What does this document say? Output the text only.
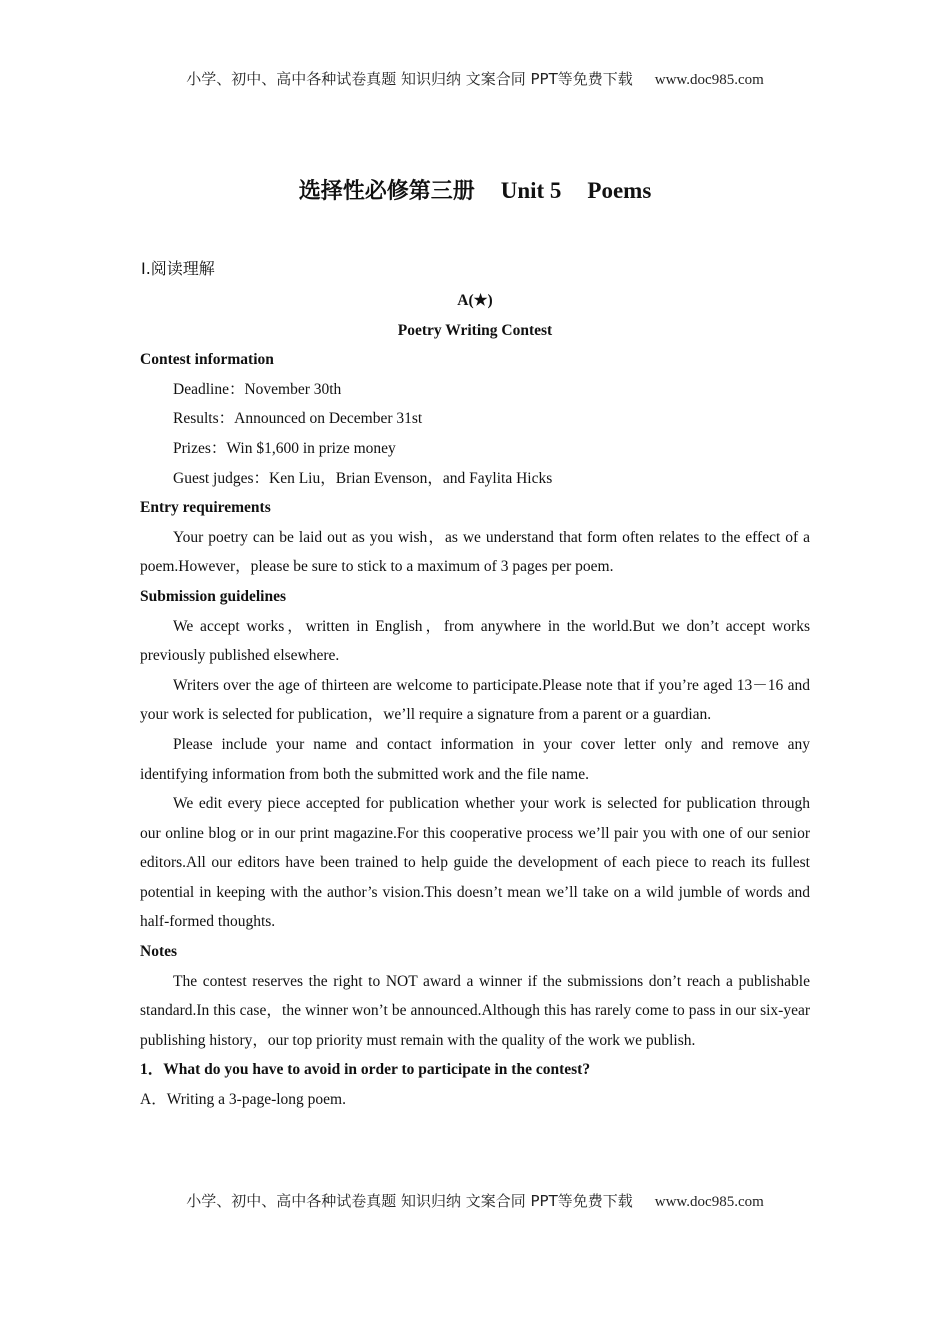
小学、初中、高中各种试卷真题 知识归纳 文案合同 PPT等免费下载 www.doc985.com
选择性必修第三册 Unit 5 Poems
Ⅰ.阅读理解
A(★)
Poetry Writing Contest
Contest information
Deadline：November 30th
Results：Announced on December 31st
Prizes：Win $1,600 in prize money
Guest judges：Ken Liu，Brian Evenson，and Faylita Hicks
Entry requirements
Your poetry can be laid out as you wish，as we understand that form often relates to the effect of a poem.However，please be sure to stick to a maximum of 3 pages per poem.
Submission guidelines
We accept works，written in English，from anywhere in the world.But we don’t accept works previously published elsewhere.
Writers over the age of thirteen are welcome to participate.Please note that if you’re aged 13－16 and your work is selected for publication，we’ll require a signature from a parent or a guardian.
Please include your name and contact information in your cover letter only and remove any identifying information from both the submitted work and the file name.
We edit every piece accepted for publication whether your work is selected for publication through our online blog or in our print magazine.For this cooperative process we’ll pair you with one of our senior editors.All our editors have been trained to help guide the development of each piece to reach its fullest potential in keeping with the author’s vision.This doesn’t mean we’ll take on a wild jumble of words and half-formed thoughts.
Notes
The contest reserves the right to NOT award a winner if the submissions don’t reach a publishable standard.In this case，the winner won’t be announced.Although this has rarely come to pass in our six-year publishing history，our top priority must remain with the quality of the work we publish.
1．What do you have to avoid in order to participate in the contest?
A．Writing a 3-page-long poem.
小学、初中、高中各种试卷真题 知识归纳 文案合同 PPT等免费下载 www.doc985.com
